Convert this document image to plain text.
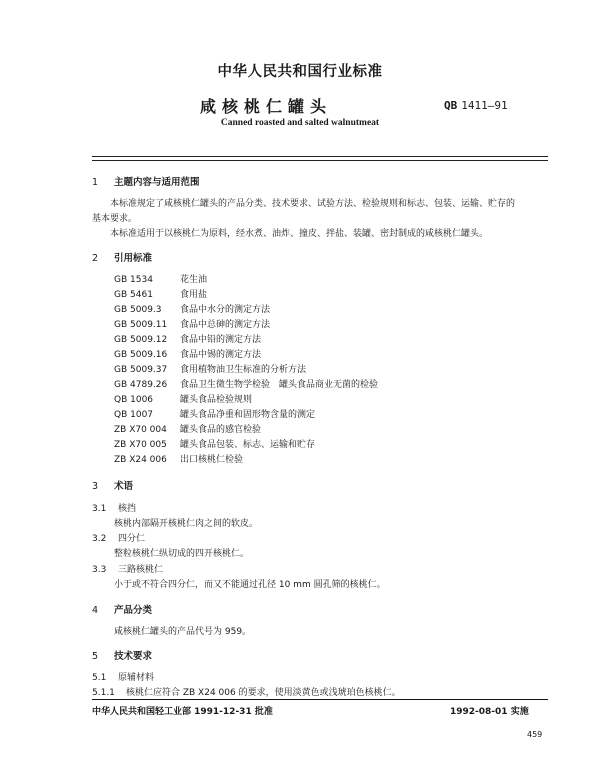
中华人民共和国行业标准
咸核桃仁罐头	QB 1411—91
Canned roasted and salted walnutmeat
1 主题内容与适用范围
本标准规定了咸核桃仁罐头的产品分类、技术要求、试验方法、检验规则和标志、包装、运输、贮存的
基本要求。
本标准适用于以核桃仁为原料，经水煮、油炸、撞皮、拌盐、装罐、密封制成的咸核桃仁罐头。
2 引用标准
GB 1534	花生油
GB 5461	食用盐
GB 5009.3 食品中水分的测定方法
GB 5009.11 食品中总砷的测定方法
GB 5009.12 食品中铅的测定方法
GB 5009.16 食品中锡的测定方法
GB 5009.37 食用植物油卫生标准的分析方法
GB 4789.26 食品卫生微生物学检验　罐头食品商业无菌的检验
QB 1006	罐头食品检验规则
QB 1007	罐头食品净重和固形物含量的测定
ZB X70 004 罐头食品的感官检验
ZB X70 005 罐头食品包装、标志、运输和贮存
ZB X24 006 出口核桃仁检验
3 术语
3.1 核挡
核桃内部隔开核桃仁肉之间的软皮。
3.2 四分仁
整粒核桃仁纵切成的四开核桃仁。
3.3 三路核桃仁
小于或不符合四分仁，而又不能通过孔径 10 mm 圆孔筛的核桃仁。
4 产品分类
咸核桃仁罐头的产品代号为 959。
5 技术要求
5.1 原辅材料
5.1.1 核桃仁应符合 ZB X24 006 的要求，使用淡黄色或浅琥珀色核桃仁。
中华人民共和国轻工业部 1991-12-31 批准	1992-08-01 实施
459
